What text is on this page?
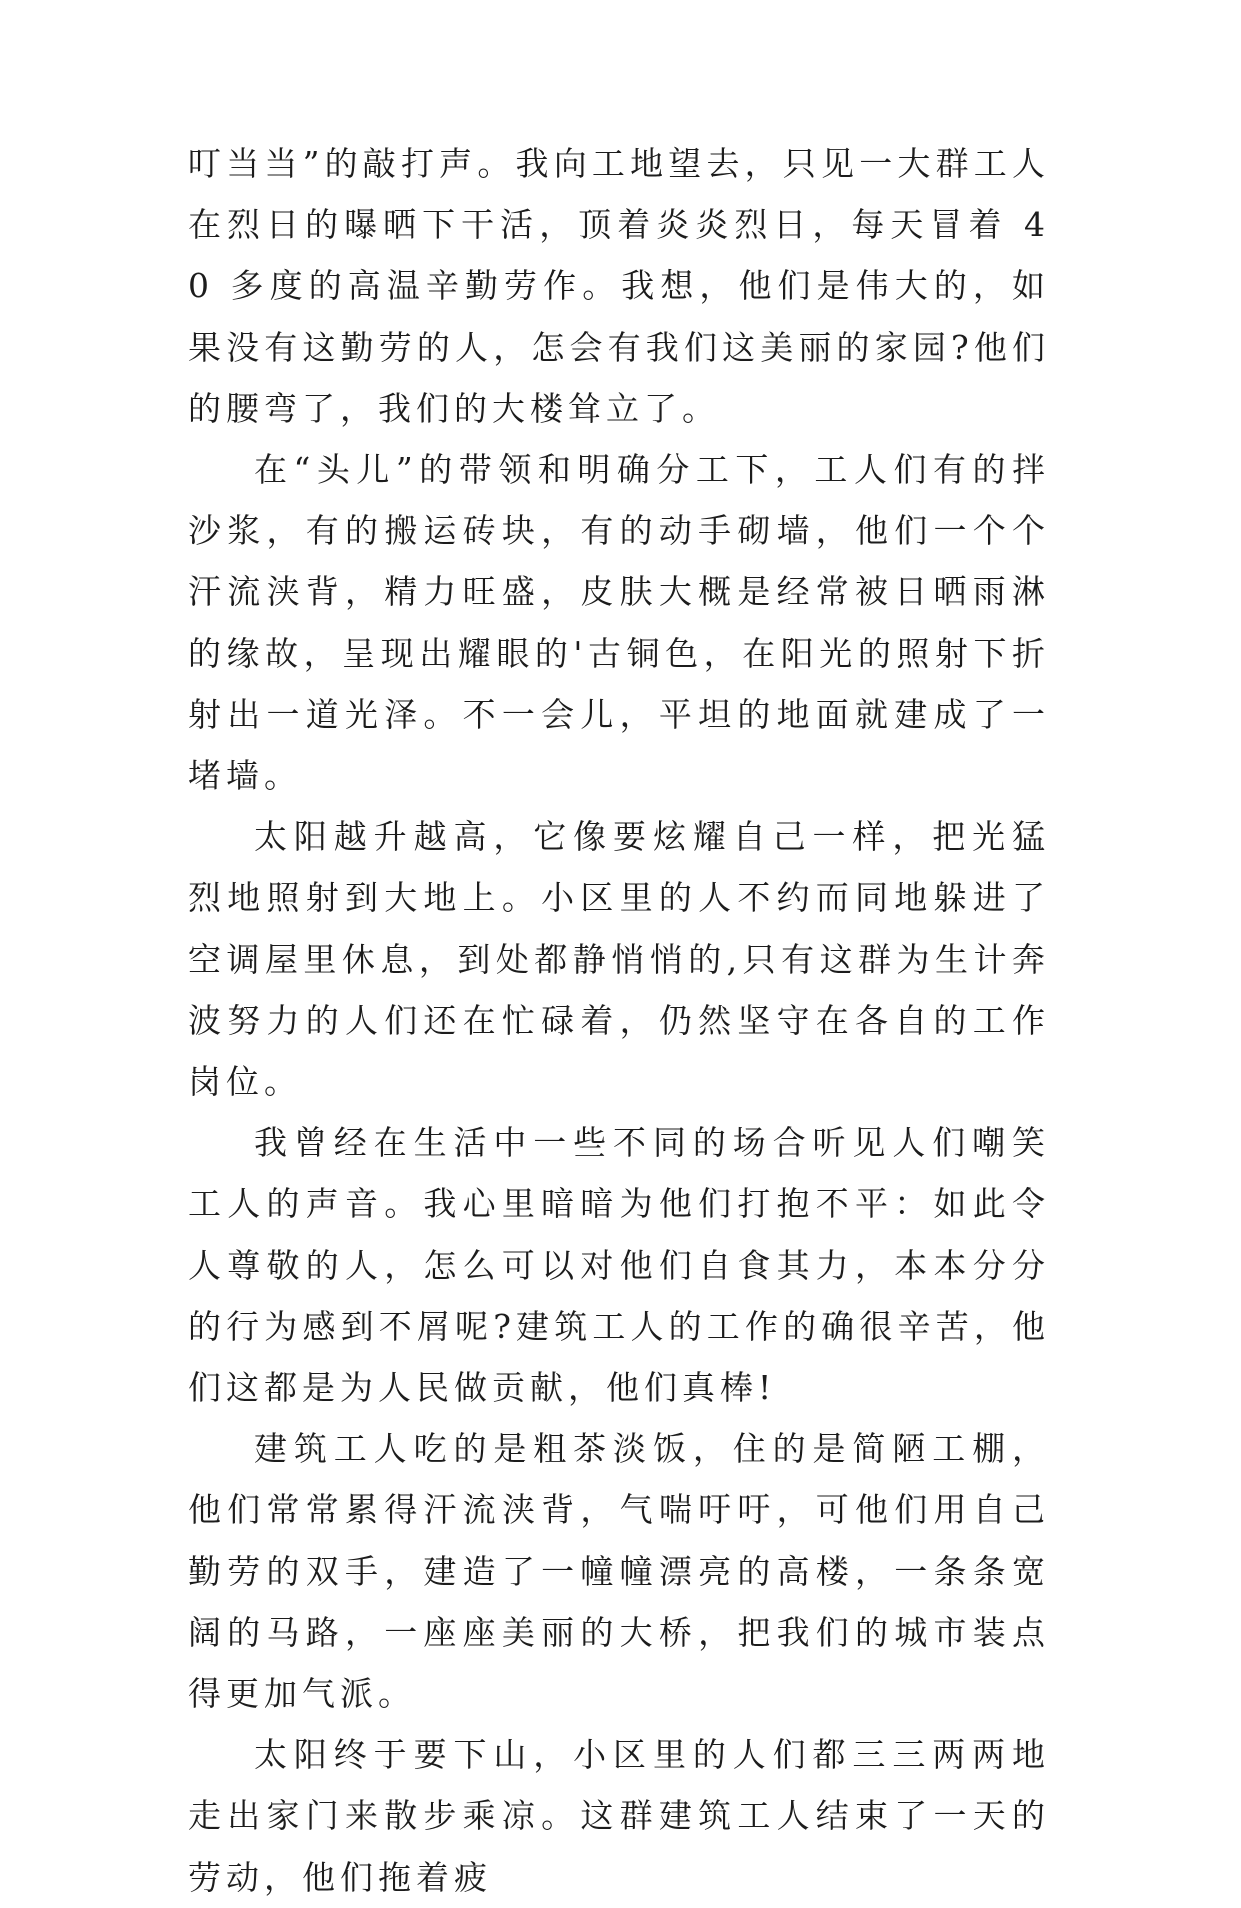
叮当当”的敲打声。我向工地望去，只见一大群工人在烈日的曝晒下干活，顶着炎炎烈日，每天冒着 40 多度的高温辛勤劳作。我想，他们是伟大的，如果没有这勤劳的人，怎会有我们这美丽的家园?他们的腰弯了，我们的大楼耸立了。

在“头儿”的带领和明确分工下，工人们有的拌沙浆，有的搬运砖块，有的动手砌墙，他们一个个汗流浃背，精力旺盛，皮肤大概是经常被日晒雨淋的缘故，呈现出耀眼的'古铜色，在阳光的照射下折射出一道光泽。不一会儿，平坦的地面就建成了一堵墙。

太阳越升越高，它像要炫耀自己一样，把光猛烈地照射到大地上。小区里的人不约而同地躲进了空调屋里休息，到处都静悄悄的,只有这群为生计奔波努力的人们还在忙碌着，仍然坚守在各自的工作岗位。

我曾经在生活中一些不同的场合听见人们嘲笑工人的声音。我心里暗暗为他们打抱不平：如此令人尊敬的人，怎么可以对他们自食其力，本本分分的行为感到不屑呢?建筑工人的工作的确很辛苦，他们这都是为人民做贡献，他们真棒!

建筑工人吃的是粗茶淡饭，住的是简陋工棚，他们常常累得汗流浃背，气喘吁吁，可他们用自己勤劳的双手，建造了一幢幢漂亮的高楼，一条条宽阔的马路，一座座美丽的大桥，把我们的城市装点得更加气派。

太阳终于要下山，小区里的人们都三三两两地走出家门来散步乘凉。这群建筑工人结束了一天的劳动，他们拖着疲
